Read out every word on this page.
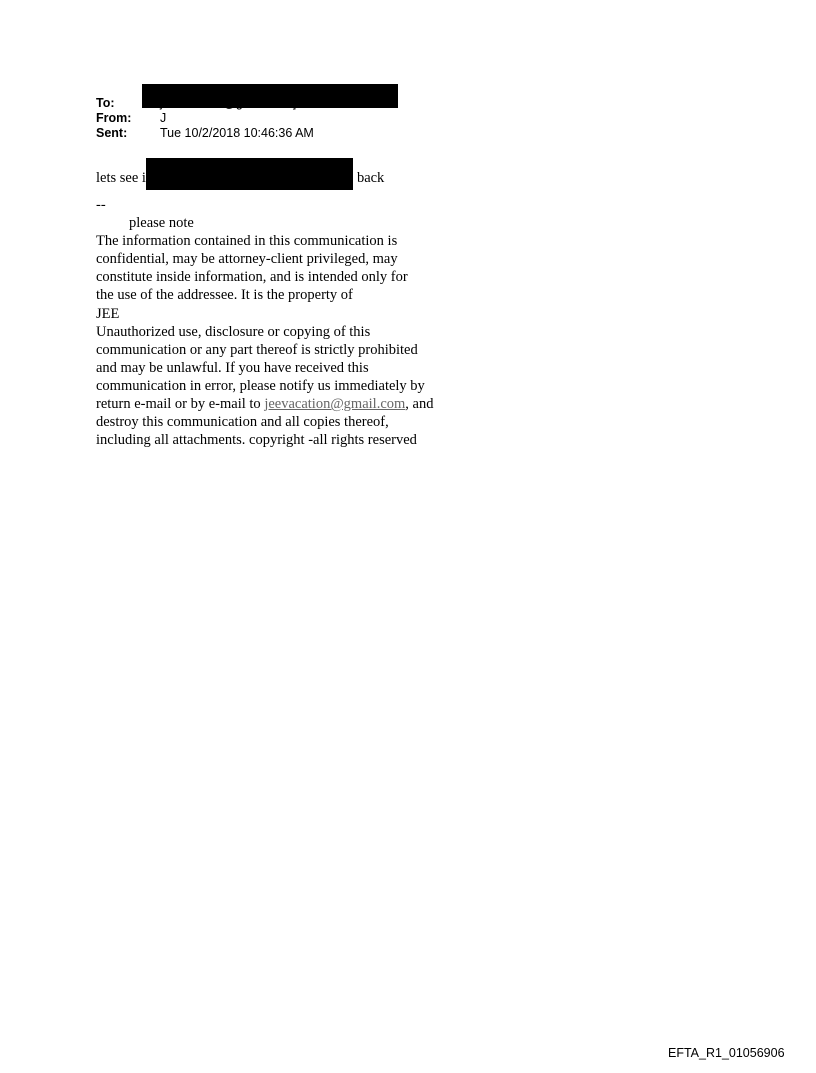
To:
From:	J
Sent:	Tue 10/2/2018 10:46:36 AM
lets see i	back
--
please note
The information contained in this communication is
confidential, may be attorney-client privileged, may
constitute inside information, and is intended only for
the use of the addressee. It is the property of
JEE
Unauthorized use, disclosure or copying of this
communication or any part thereof is strictly prohibited
and may be unlawful. If you have received this
communication in error, please notify us immediately by
return e-mail or by e-mail to jeevacation@gmail.com, and
destroy this communication and all copies thereof,
including all attachments. copyright -all rights reserved
EFTA_R1_01056906
